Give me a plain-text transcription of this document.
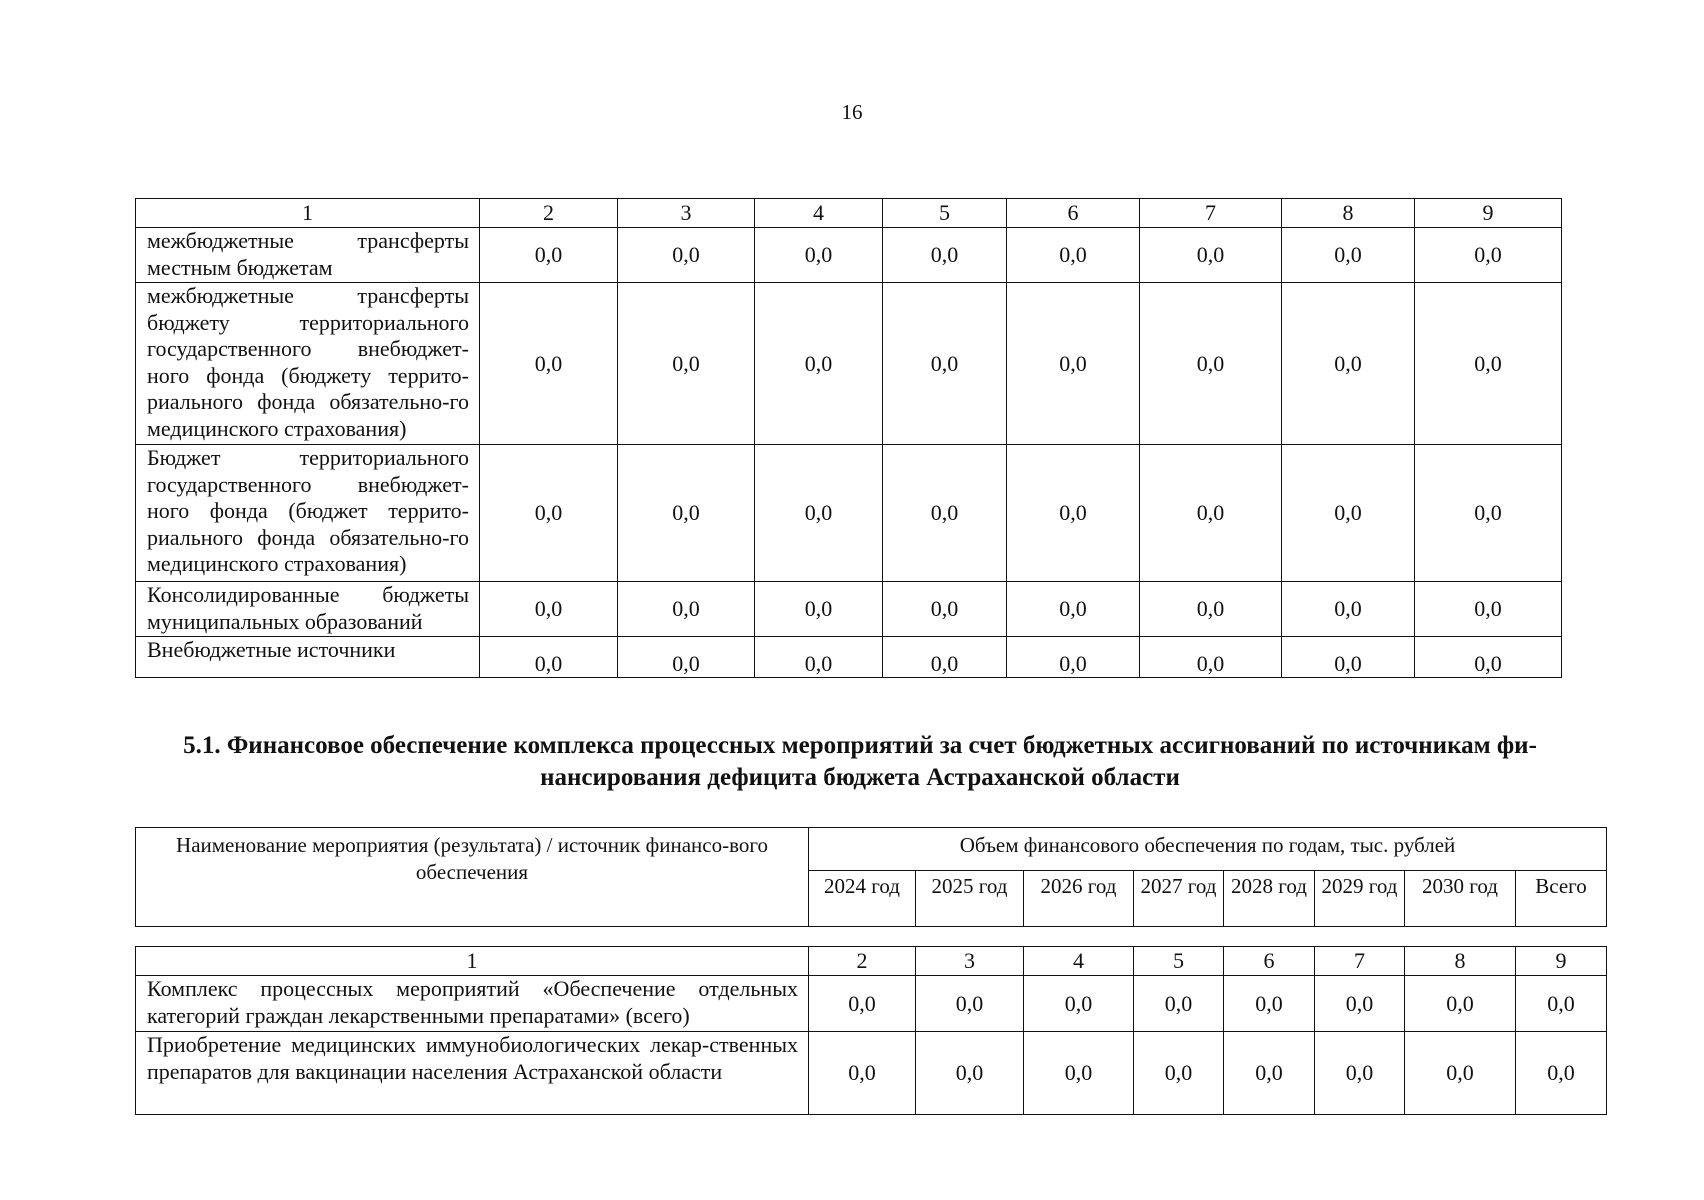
16
1	2	3	4	5	6	7	8	9
межбюджетные трансферты местным бюджетам	0,0	0,0	0,0	0,0	0,0	0,0	0,0	0,0
межбюджетные трансферты бюджету территориального государственного внебюджет-ного фонда (бюджету террито-риального фонда обязательно-го медицинского страхования)	0,0	0,0	0,0	0,0	0,0	0,0	0,0	0,0
Бюджет территориального государственного внебюджет-ного фонда (бюджет террито-риального фонда обязательно-го медицинского страхования)	0,0	0,0	0,0	0,0	0,0	0,0	0,0	0,0
Консолидированные бюджеты муниципальных образований	0,0	0,0	0,0	0,0	0,0	0,0	0,0	0,0
Внебюджетные источники	0,0	0,0	0,0	0,0	0,0	0,0	0,0	0,0
5.1. Финансовое обеспечение комплекса процессных мероприятий за счет бюджетных ассигнований по источникам фи-
нансирования дефицита бюджета Астраханской области
Наименование мероприятия (результата) / источник финансо-вого обеспечения	Объем финансового обеспечения по годам, тыс. рублей							
	2024 год	2025 год	2026 год	2027 год	2028 год	2029 год	2030 год	Всего
1	2	3	4	5	6	7	8	9
Комплекс процессных мероприятий «Обеспечение отдельных категорий граждан лекарственными препаратами» (всего)	0,0	0,0	0,0	0,0	0,0	0,0	0,0	0,0
Приобретение медицинских иммунобиологических лекар-ственных препаратов для вакцинации населения Астраханской области	0,0	0,0	0,0	0,0	0,0	0,0	0,0	0,0
